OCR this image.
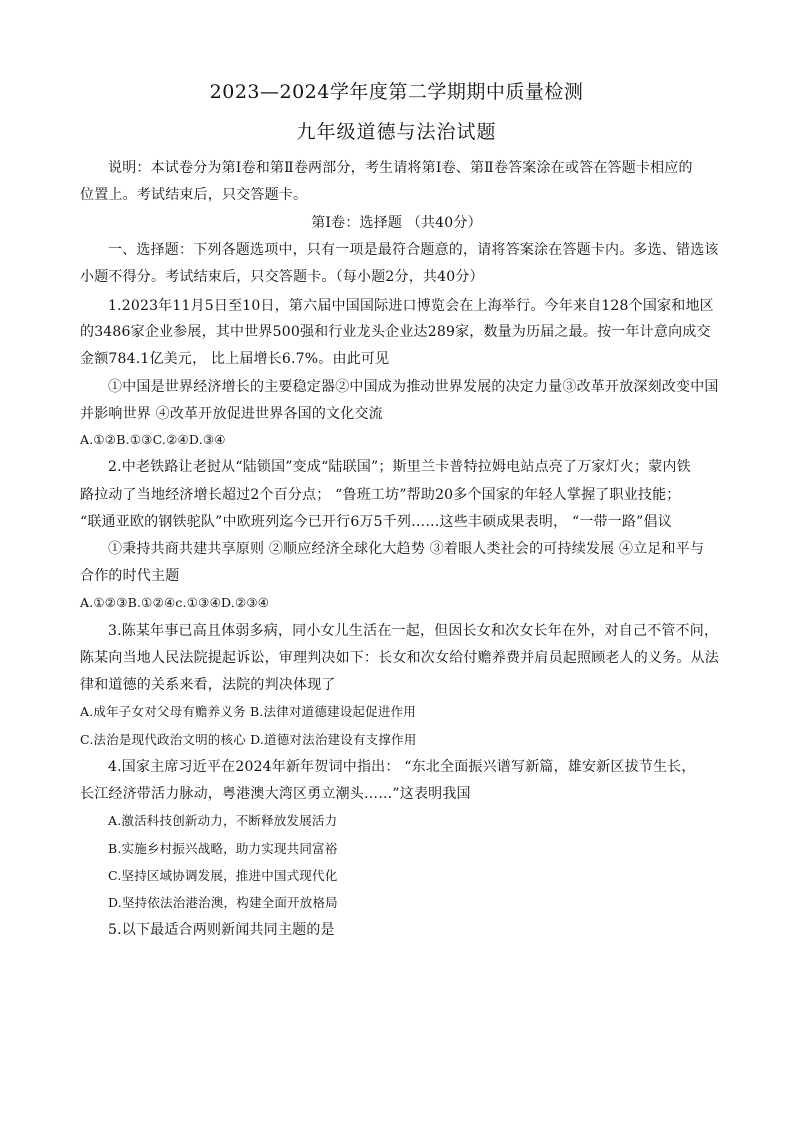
2023—2024学年度第二学期期中质量检测
九年级道德与法治试题
说明：本试卷分为第Ⅰ卷和第Ⅱ卷两部分，考生请将第Ⅰ卷、第Ⅱ卷答案涂在或答在答题卡相应的
位置上。考试结束后，只交答题卡。
第Ⅰ卷：选择题 （共40分）
一、选择题：下列各题选项中，只有一项是最符合题意的，请将答案涂在答题卡内。多选、错选该
小题不得分。考试结束后，只交答题卡。（每小题2分，共40分）
1.2023年11月5日至10日，第六届中国国际进口博览会在上海举行。今年来自128个国家和地区
的3486家企业参展，其中世界500强和行业龙头企业达289家，数量为历届之最。按一年计意向成交
金额784.1亿美元， 比上届增长6.7%。由此可见
①中国是世界经济增长的主要稳定器②中国成为推动世界发展的决定力量③改革开放深刻改变中国
并影响世界 ④改革开放促进世界各国的文化交流
A.①②B.①③C.②④D.③④
2.中老铁路让老挝从“陆锁国”变成“陆联国”；斯里兰卡普特拉姆电站点亮了万家灯火；蒙内铁
路拉动了当地经济增长超过2个百分点； “鲁班工坊”帮助20多个国家的年轻人掌握了职业技能；
“联通亚欧的钢铁驼队”中欧班列迄今已开行6万5千列……这些丰硕成果表明， “一带一路”倡议
①秉持共商共建共享原则 ②顺应经济全球化大趋势 ③着眼人类社会的可持续发展 ④立足和平与
合作的时代主题
A.①②③B.①②④c.①③④D.②③④
3.陈某年事已高且体弱多病，同小女儿生活在一起，但因长女和次女长年在外，对自己不管不问，
陈某向当地人民法院提起诉讼，审理判决如下：长女和次女给付赡养费并肩员起照顾老人的义务。从法
律和道德的关系来看，法院的判决体现了
A.成年子女对父母有赡养义务 B.法律对道德建设起促进作用
C.法治是现代政治文明的核心 D.道德对法治建设有支撑作用
4.国家主席习近平在2024年新年贺词中指出： “东北全面振兴谱写新篇，雄安新区拔节生长，
长江经济带活力脉动，粤港澳大湾区勇立潮头……”这表明我国
A.激活科技创新动力，不断释放发展活力
B.实施乡村振兴战略，助力实现共同富裕
C.坚持区域协调发展，推进中国式现代化
D.坚持依法治港治澳，构建全面开放格局
5.以下最适合两则新闻共同主题的是
